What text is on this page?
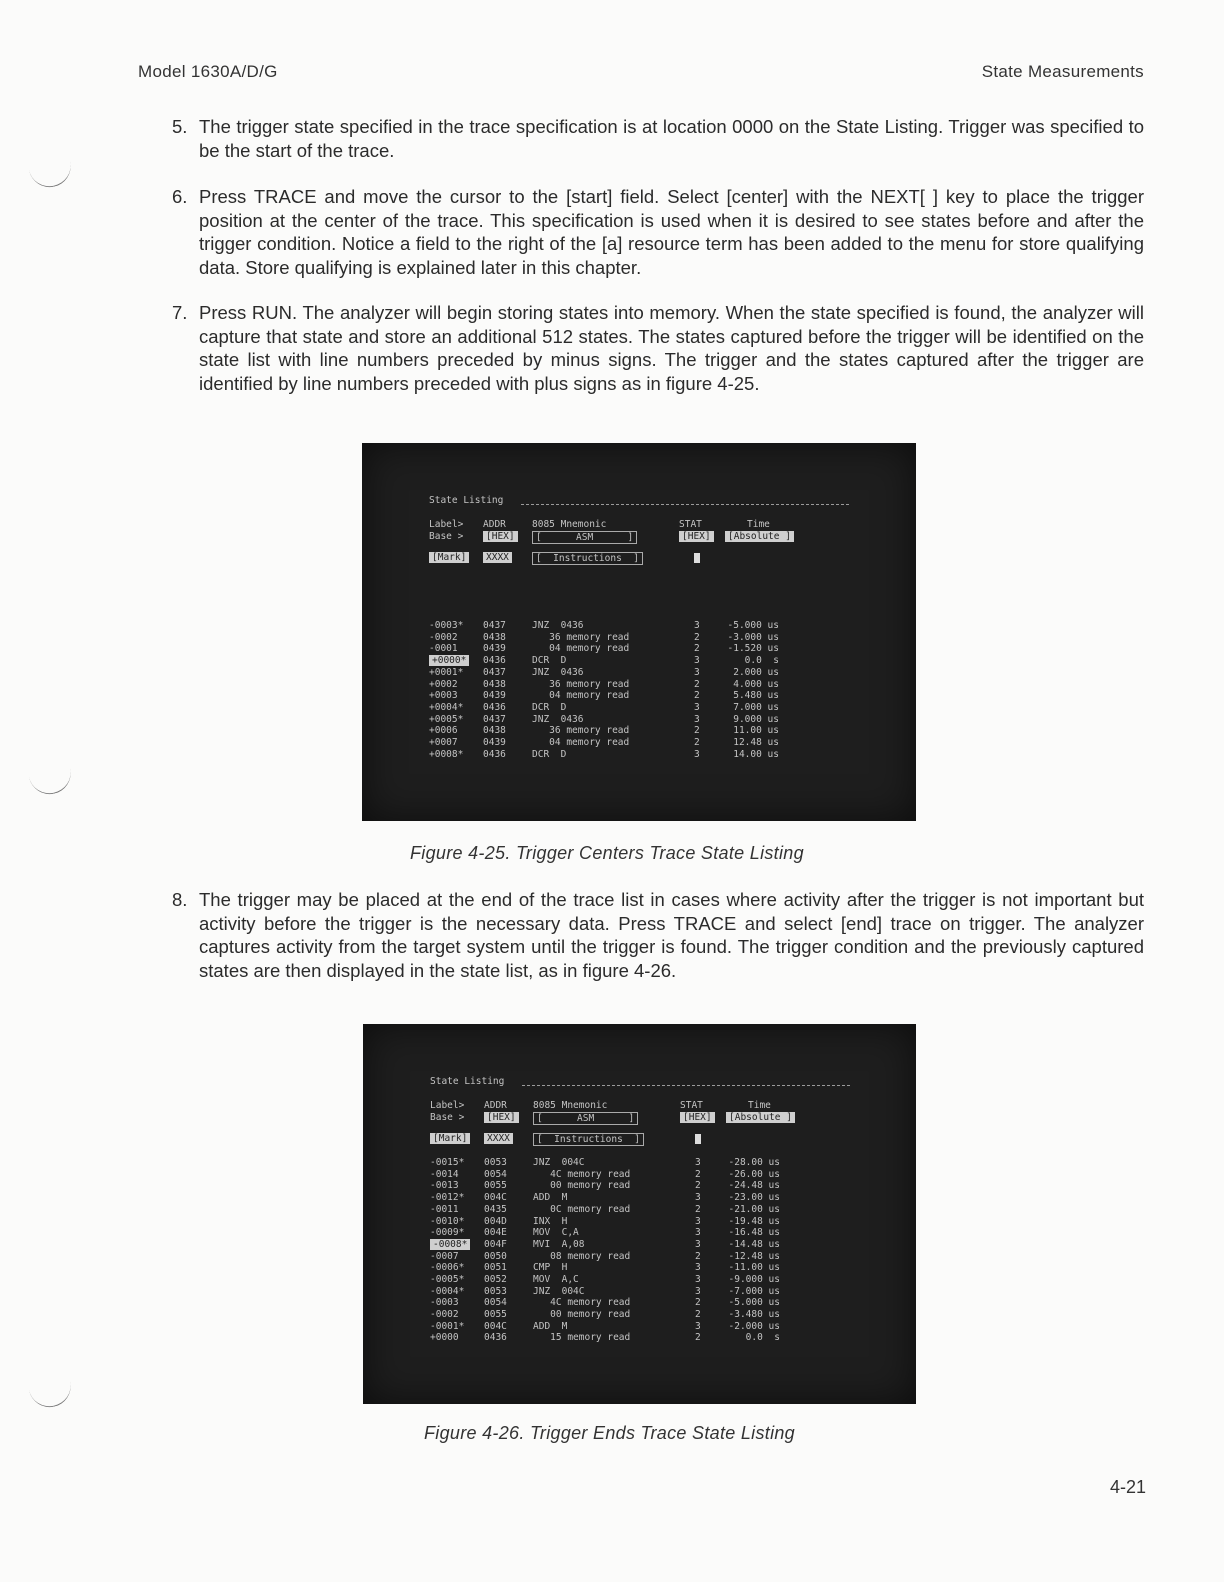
Model 1630A/D/G	State Measurements
5. The trigger state specified in the trace specification is at location 0000 on the State Listing. Trigger was specified to be the start of the trace.
6. Press TRACE and move the cursor to the [start] field. Select [center] with the NEXT[ ] key to place the trigger position at the center of the trace. This specification is used when it is desired to see states before and after the trigger condition. Notice a field to the right of the [a] resource term has been added to the menu for store qualifying data. Store qualifying is explained later in this chapter.
7. Press RUN. The analyzer will begin storing states into memory. When the state specified is found, the analyzer will capture that state and store an additional 512 states. The states captured before the trigger will be identified on the state list with line numbers preceded by minus signs. The trigger and the states captured after the trigger are identified by line numbers preceded with plus signs as in figure 4-25.
State Listing
Label> ADDR	8085 Mnemonic	STAT	Time
Base >	[HEX]	[      ASM      ]	[HEX]	[Absolute ]
[Mark]	XXXX	[  Instructions  ]
-0003* 0437	JNZ  0436	3	-5.000 us
-0002	0438	36 memory read	2	-3.000 us
-0001	0439	04 memory read	2	-1.520 us
+0000*	0436	DCR  D	3	0.0  s
+0001* 0437	JNZ  0436	3	2.000 us
+0002	0438	36 memory read	2	4.000 us
+0003	0439	04 memory read	2	5.480 us
+0004* 0436	DCR  D	3	7.000 us
+0005* 0437	JNZ  0436	3	9.000 us
+0006	0438	36 memory read	2	11.00 us
+0007	0439	04 memory read	2	12.48 us
+0008* 0436	DCR  D	3	14.00 us
Figure 4-25. Trigger Centers Trace State Listing
8. The trigger may be placed at the end of the trace list in cases where activity after the trigger is not important but activity before the trigger is the necessary data. Press TRACE and select [end] trace on trigger. The analyzer captures activity from the target system until the trigger is found. The trigger condition and the previously captured states are then displayed in the state list, as in figure 4-26.
State Listing
Label> ADDR	8085 Mnemonic	STAT	Time
Base >	[HEX]	[      ASM      ]	[HEX]	[Absolute ]
[Mark]	XXXX	[  Instructions  ]
-0015* 0053	JNZ  004C	3	-28.00 us
-0014	0054	4C memory read	2	-26.00 us
-0013	0055	00 memory read	2	-24.48 us
-0012* 004C	ADD  M	3	-23.00 us
-0011	0435	0C memory read	2	-21.00 us
-0010* 004D	INX  H	3	-19.48 us
-0009* 004E	MOV  C,A	3	-16.48 us
-0008*	004F	MVI  A,08	3	-14.48 us
-0007	0050	08 memory read	2	-12.48 us
-0006* 0051	CMP  H	3	-11.00 us
-0005* 0052	MOV  A,C	3	-9.000 us
-0004* 0053	JNZ  004C	3	-7.000 us
-0003	0054	4C memory read	2	-5.000 us
-0002	0055	00 memory read	2	-3.480 us
-0001* 004C	ADD  M	3	-2.000 us
+0000	0436	15 memory read	2	0.0  s
Figure 4-26. Trigger Ends Trace State Listing
4-21
